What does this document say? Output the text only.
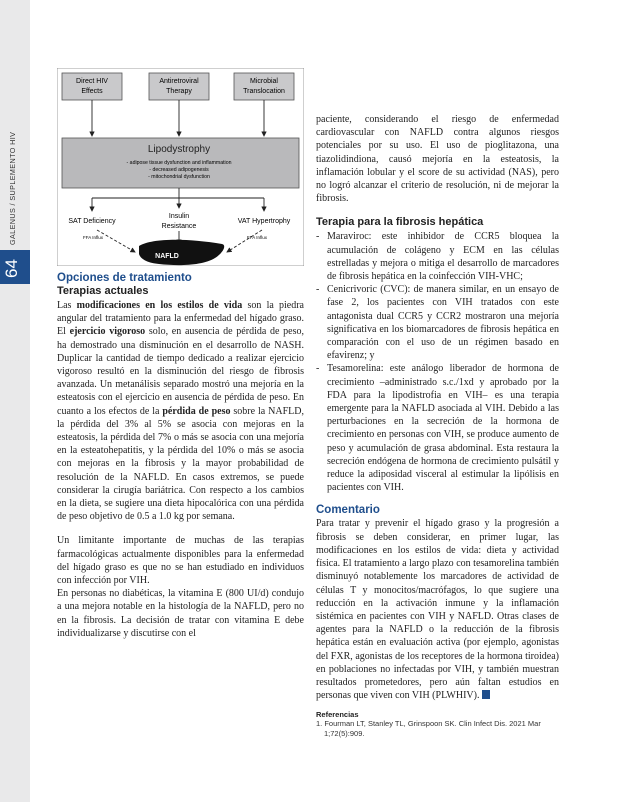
GALENUS / SUPLEMENTO HIV
64
Direct HIV
Effects
Antiretroviral
Therapy
Microbial
Translocation
Lipodystrophy
- adipose tissue dysfunction and inflammation
- decreased adipogenesis
- mitochondrial dysfunction
SAT Deficiency
Insulin
Resistance
VAT Hypertrophy
FFA Influx	FFA Influx
NAFLD
Opciones de tratamiento
Terapias actuales

Las modificaciones en los estilos de vida son la piedra angular del tratamiento para la enfermedad del hígado graso. El ejercicio vigoroso solo, en ausencia de pérdida de peso, ha demostrado una disminución en el desarrollo de NASH. Duplicar la cantidad de tiempo dedicado a realizar ejercicio vigoroso resultó en la disminución del riesgo de fibrosis avanzada. Un metanálisis separado mostró una mejoría en la esteatosis con el ejercicio en ausencia de pérdida de peso. En cuanto a los efectos de la pérdida de peso sobre la NAFLD, la pérdida del 3% al 5% se asocia con mejoras en la esteatosis, la pérdida del 7% o más se asocia con una mejoría en la esteatohepatitis, y la pérdida del 10% o más se asocia con mejoras en la fibrosis y la mayor probabilidad de resolución de la NAFLD. En casos extremos, se puede considerar la cirugía bariátrica. Con respecto a los cambios en la dieta, se sugiere una dieta hipocalórica con una pérdida de peso objetivo de 0.5 a 1.0 kg por semana.

Un limitante importante de muchas de las terapias farmacológicas actualmente disponibles para la enfermedad del hígado graso es que no se han estudiado en individuos con infección por VIH.

En personas no diabéticas, la vitamina E (800 UI/d) condujo a una mejora notable en la histología de la NAFLD, pero no en la fibrosis. La decisión de tratar con vitamina E debe individualizarse y discutirse con el

paciente, considerando el riesgo de enfermedad cardiovascular con NAFLD contra algunos riesgos potenciales por su uso. El uso de pioglitazona, una tiazolidindiona, causó mejoría en la esteatosis, la inflamación lobular y el score de su actividad (NAS), pero no logró alcanzar el criterio de resolución, ni de mejorar la fibrosis.

Terapia para la fibrosis hepática
- Maraviroc: este inhibidor de CCR5 bloquea la acumulación de colágeno y ECM en las células estrelladas y mejora o mitiga el desarrollo de marcadores de fibrosis hepática en la coinfección VIH-VHC;
- Cenicrivoric (CVC): de manera similar, en un ensayo de fase 2, los pacientes con VIH tratados con este antagonista dual CCR5 y CCR2 mostraron una mejoría significativa en los biomarcadores de fibrosis hepática en comparación con el uso de un régimen basado en efavirenz; y
- Tesamorelina: este análogo liberador de hormona de crecimiento –administrado s.c./1xd y aprobado por la FDA para la lipodistrofia en VIH– es una terapia emergente para la NAFLD asociada al VIH. Debido a las perturbaciones en la secreción de la hormona de crecimiento en personas con VIH, se produce aumento de peso y acumulación de grasa abdominal. Esta restaura la secreción endógena de hormona de crecimiento pulsátil y reduce la adiposidad visceral al estimular la lipólisis en pacientes con VIH.
Comentario

Para tratar y prevenir el hígado graso y la progresión a fibrosis se deben considerar, en primer lugar, las modificaciones en los estilos de vida: dieta y actividad física. El tratamiento a largo plazo con tesamorelina también disminuyó notablemente los marcadores de actividad de células T y monocitos/macrófagos, lo que sugiere una reducción en la activación inmune y la inflamación sistémica en pacientes con VIH y NAFLD. Otras clases de agentes para la NAFLD o la reducción de la fibrosis hepática están en evaluación activa (por ejemplo, agonistas del FXR, agonistas de los receptores de la hormona tiroidea) en poblaciones no infectadas por VIH, y también muestran resultados prometedores, pero aún faltan estudios en personas que viven con VIH (PLWHIV).

Referencias
1. Fourman LT, Stanley TL, Grinspoon SK. Clin Infect Dis. 2021 Mar 1;72(5):909.
